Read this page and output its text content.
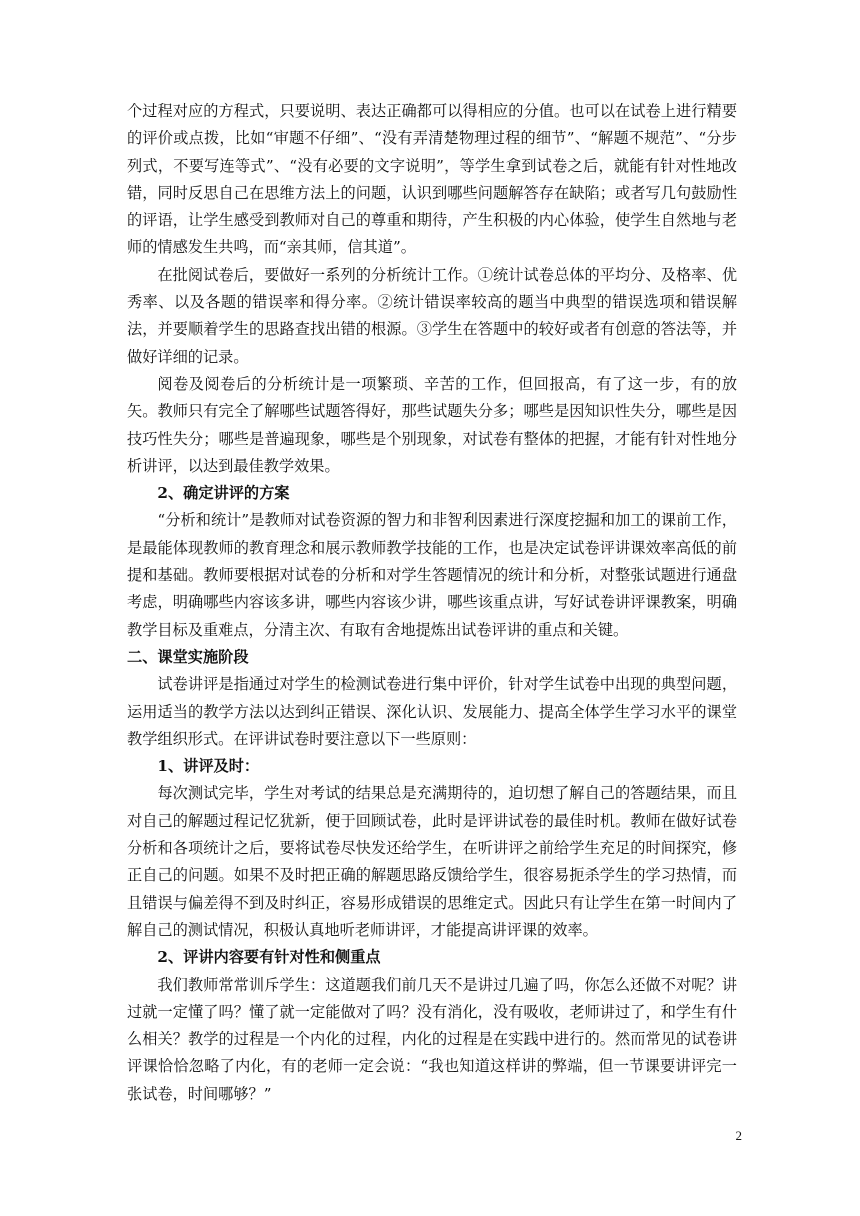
个过程对应的方程式，只要说明、表达正确都可以得相应的分值。也可以在试卷上进行精要的评价或点拨，比如“审题不仔细”、“没有弄清楚物理过程的细节”、“解题不规范”、“分步列式，不要写连等式”、“没有必要的文字说明”，等学生拿到试卷之后，就能有针对性地改错，同时反思自己在思维方法上的问题，认识到哪些问题解答存在缺陷；或者写几句鼓励性的评语，让学生感受到教师对自己的尊重和期待，产生积极的内心体验，使学生自然地与老师的情感发生共鸣，而“亲其师，信其道”。

在批阅试卷后，要做好一系列的分析统计工作。①统计试卷总体的平均分、及格率、优秀率、以及各题的错误率和得分率。②统计错误率较高的题当中典型的错误选项和错误解法，并要顺着学生的思路查找出错的根源。③学生在答题中的较好或者有创意的答法等，并做好详细的记录。

阅卷及阅卷后的分析统计是一项繁琐、辛苦的工作，但回报高，有了这一步，有的放矢。教师只有完全了解哪些试题答得好，那些试题失分多；哪些是因知识性失分，哪些是因技巧性失分；哪些是普遍现象，哪些是个别现象，对试卷有整体的把握，才能有针对性地分析讲评，以达到最佳教学效果。

2、确定讲评的方案

“分析和统计”是教师对试卷资源的智力和非智利因素进行深度挖掘和加工的课前工作，是最能体现教师的教育理念和展示教师教学技能的工作，也是决定试卷评讲课效率高低的前提和基础。教师要根据对试卷的分析和对学生答题情况的统计和分析，对整张试题进行通盘考虑，明确哪些内容该多讲，哪些内容该少讲，哪些该重点讲，写好试卷讲评课教案，明确教学目标及重难点，分清主次、有取有舍地提炼出试卷评讲的重点和关键。

二、课堂实施阶段

试卷讲评是指通过对学生的检测试卷进行集中评价，针对学生试卷中出现的典型问题，运用适当的教学方法以达到纠正错误、深化认识、发展能力、提高全体学生学习水平的课堂教学组织形式。在评讲试卷时要注意以下一些原则：

1、讲评及时：

每次测试完毕，学生对考试的结果总是充满期待的，迫切想了解自己的答题结果，而且对自己的解题过程记忆犹新，便于回顾试卷，此时是评讲试卷的最佳时机。教师在做好试卷分析和各项统计之后，要将试卷尽快发还给学生，在听讲评之前给学生充足的时间探究，修正自己的问题。如果不及时把正确的解题思路反馈给学生，很容易扼杀学生的学习热情，而且错误与偏差得不到及时纠正，容易形成错误的思维定式。因此只有让学生在第一时间内了解自己的测试情况，积极认真地听老师讲评，才能提高讲评课的效率。

2、评讲内容要有针对性和侧重点

我们教师常常训斥学生：这道题我们前几天不是讲过几遍了吗，你怎么还做不对呢？讲过就一定懂了吗？懂了就一定能做对了吗？没有消化，没有吸收，老师讲过了，和学生有什么相关？教学的过程是一个内化的过程，内化的过程是在实践中进行的。然而常见的试卷讲评课恰恰忽略了内化，有的老师一定会说：“我也知道这样讲的弊端，但一节课要讲评完一张试卷，时间哪够？”

2
